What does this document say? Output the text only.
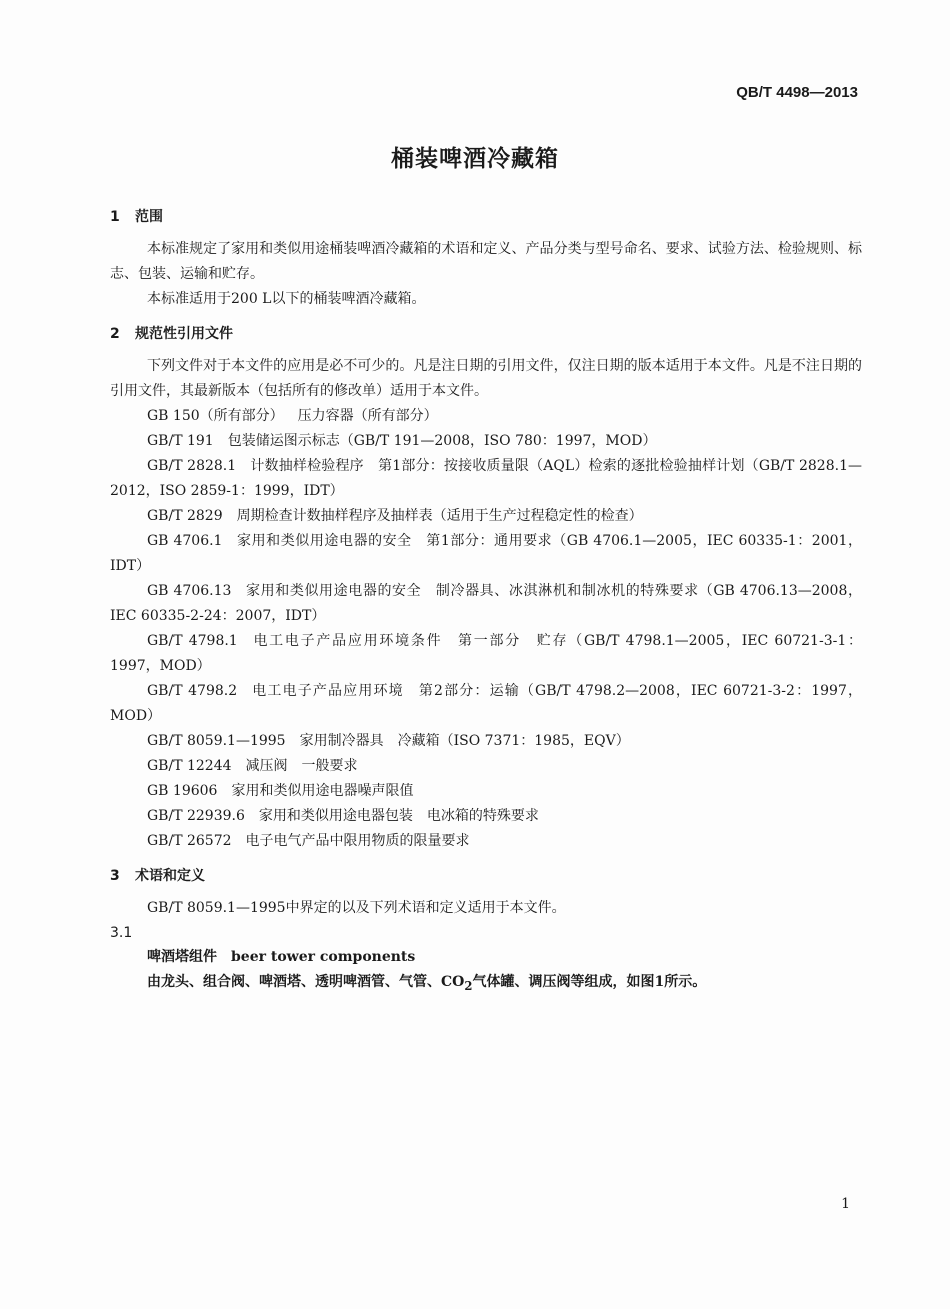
QB/T 4498—2013
桶装啤酒冷藏箱
1 范围
本标准规定了家用和类似用途桶装啤酒冷藏箱的术语和定义、产品分类与型号命名、要求、试验方法、检验规则、标志、包装、运输和贮存。
本标准适用于200 L以下的桶装啤酒冷藏箱。
2 规范性引用文件
下列文件对于本文件的应用是必不可少的。凡是注日期的引用文件，仅注日期的版本适用于本文件。凡是不注日期的引用文件，其最新版本（包括所有的修改单）适用于本文件。
GB 150（所有部分） 压力容器（所有部分）
GB/T 191 包装储运图示标志（GB/T 191—2008，ISO 780：1997，MOD）
GB/T 2828.1 计数抽样检验程序　第1部分：按接收质量限（AQL）检索的逐批检验抽样计划（GB/T 2828.1—2012，ISO 2859-1：1999，IDT）
GB/T 2829 周期检查计数抽样程序及抽样表（适用于生产过程稳定性的检查）
GB 4706.1 家用和类似用途电器的安全　第1部分：通用要求（GB 4706.1—2005，IEC 60335-1：2001，IDT）
GB 4706.13 家用和类似用途电器的安全　制冷器具、冰淇淋机和制冰机的特殊要求（GB 4706.13—2008，IEC 60335-2-24：2007，IDT）
GB/T 4798.1 电工电子产品应用环境条件　第一部分　贮存（GB/T 4798.1—2005，IEC 60721-3-1：1997，MOD）
GB/T 4798.2 电工电子产品应用环境　第2部分：运输（GB/T 4798.2—2008，IEC 60721-3-2：1997，MOD）
GB/T 8059.1—1995 家用制冷器具　冷藏箱（ISO 7371：1985，EQV）
GB/T 12244 减压阀　一般要求
GB 19606 家用和类似用途电器噪声限值
GB/T 22939.6 家用和类似用途电器包装　电冰箱的特殊要求
GB/T 26572 电子电气产品中限用物质的限量要求
3 术语和定义
GB/T 8059.1—1995中界定的以及下列术语和定义适用于本文件。
3.1
啤酒塔组件 beer tower components
由龙头、组合阀、啤酒塔、透明啤酒管、气管、$CO_2$气体罐、调压阀等组成，如图1所示。
1
